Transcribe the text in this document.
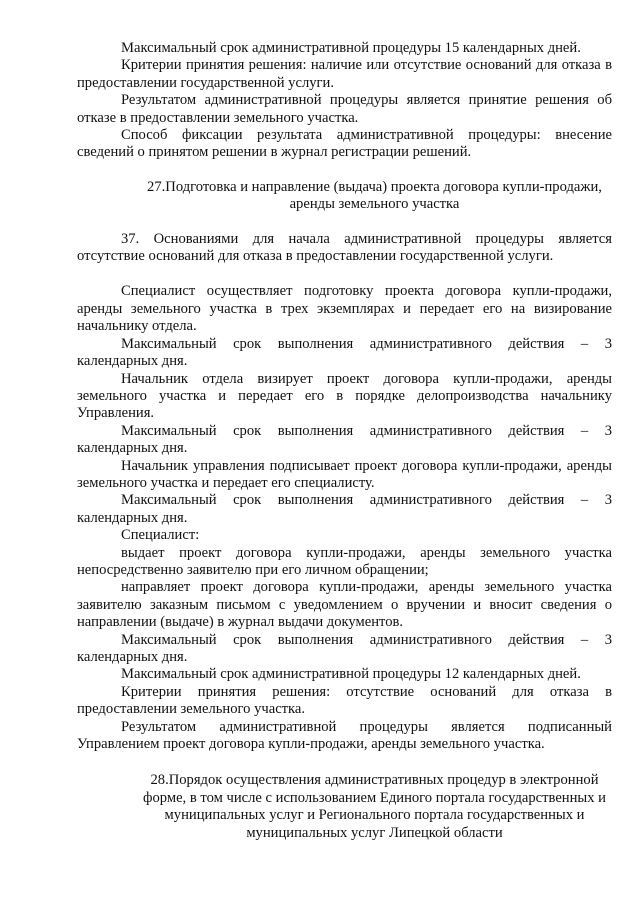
Максимальный срок административной процедуры 15 календарных дней.

Критерии принятия решения: наличие или отсутствие оснований для отказа в предоставлении государственной услуги.

Результатом административной процедуры является принятие решения об отказе в предоставлении земельного участка.

Способ фиксации результата административной процедуры: внесение сведений о принятом решении в журнал регистрации решений.

27.Подготовка и направление (выдача) проекта договора купли-продажи, аренды земельного участка

37. Основаниями для начала административной процедуры является отсутствие оснований для отказа в предоставлении государственной услуги.

Специалист осуществляет подготовку проекта договора купли-продажи, аренды земельного участка в трех экземплярах и передает его на визирование начальнику отдела.

Максимальный срок выполнения административного действия – 3 календарных дня.

Начальник отдела визирует проект договора купли-продажи, аренды земельного участка и передает его в порядке делопроизводства начальнику Управления.

Максимальный срок выполнения административного действия – 3 календарных дня.

Начальник управления подписывает проект договора купли-продажи, аренды земельного участка и передает его специалисту.

Максимальный срок выполнения административного действия – 3 календарных дня.

Специалист:

выдает проект договора купли-продажи, аренды земельного участка непосредственно заявителю при его личном обращении;

направляет проект договора купли-продажи, аренды земельного участка заявителю заказным письмом с уведомлением о вручении и вносит сведения о направлении (выдаче) в журнал выдачи документов.

Максимальный срок выполнения административного действия – 3 календарных дня.

Максимальный срок административной процедуры 12 календарных дней.

Критерии принятия решения: отсутствие оснований для отказа в предоставлении земельного участка.

Результатом административной процедуры является подписанный Управлением проект договора купли-продажи, аренды земельного участка.

28.Порядок осуществления административных процедур в электронной форме, в том числе с использованием Единого портала государственных и муниципальных услуг и Регионального портала государственных и муниципальных услуг Липецкой области
